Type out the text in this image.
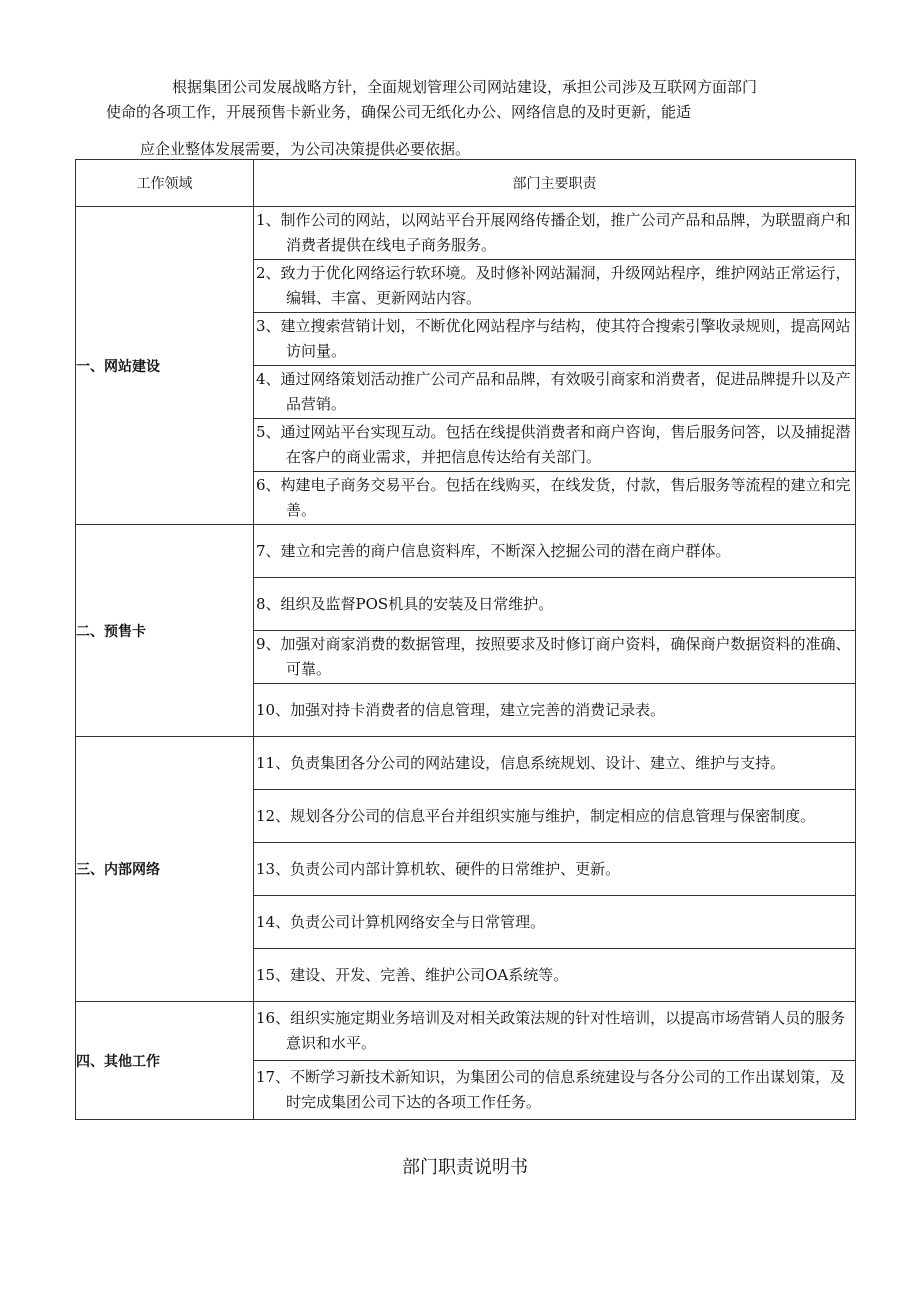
根据集团公司发展战略方针，全面规划管理公司网站建设，承担公司涉及互联网方面部门
使命的各项工作，开展预售卡新业务，确保公司无纸化办公、网络信息的及时更新，能适
应企业整体发展需要，为公司决策提供必要依据。
工作领域	部门主要职责
一、网站建设	1、制作公司的网站，以网站平台开展网络传播企划，推广公司产品和品牌，为联盟商户和消费者提供在线电子商务服务。

	2、致力于优化网络运行软环境。及时修补网站漏洞，升级网站程序，维护网站正常运行，编辑、丰富、更新网站内容。

	3、建立搜索营销计划，不断优化网站程序与结构，使其符合搜索引擎收录规则，提高网站访问量。

	4、通过网络策划活动推广公司产品和品牌，有效吸引商家和消费者，促进品牌提升以及产品营销。

	5、通过网站平台实现互动。包括在线提供消费者和商户咨询，售后服务问答，以及捕捉潜在客户的商业需求，并把信息传达给有关部门。

	6、构建电子商务交易平台。包括在线购买，在线发货，付款，售后服务等流程的建立和完善。

二、预售卡	7、建立和完善的商户信息资料库，不断深入挖掘公司的潜在商户群体。

	8、组织及监督POS机具的安装及日常维护。

	9、加强对商家消费的数据管理，按照要求及时修订商户资料，确保商户数据资料的准确、可靠。

	10、加强对持卡消费者的信息管理，建立完善的消费记录表。

三、内部网络	11、负责集团各分公司的网站建设，信息系统规划、设计、建立、维护与支持。

	12、规划各分公司的信息平台并组织实施与维护，制定相应的信息管理与保密制度。

	13、负责公司内部计算机软、硬件的日常维护、更新。

	14、负责公司计算机网络安全与日常管理。

	15、建设、开发、完善、维护公司OA系统等。

四、其他工作	16、组织实施定期业务培训及对相关政策法规的针对性培训，以提高市场营销人员的服务意识和水平。

	17、不断学习新技术新知识，为集团公司的信息系统建设与各分公司的工作出谋划策，及时完成集团公司下达的各项工作任务。
部门职责说明书
